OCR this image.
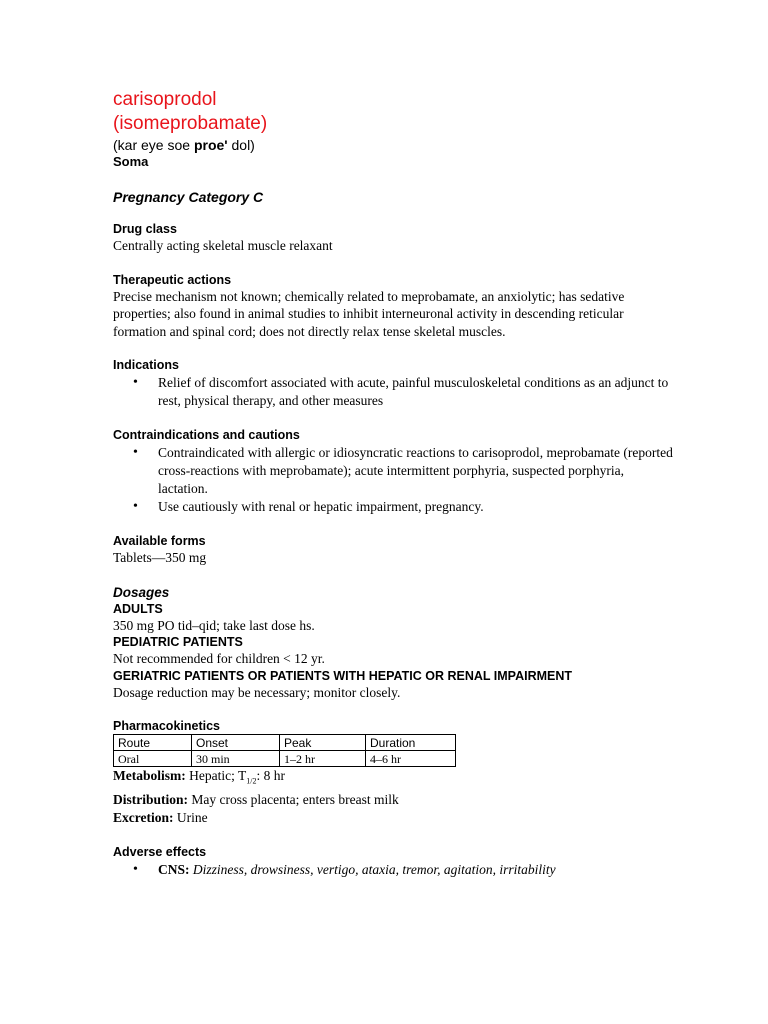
carisoprodol
(isomeprobamate)
(kar eye soe proe' dol)
Soma
Pregnancy Category C
Drug class
Centrally acting skeletal muscle relaxant
Therapeutic actions
Precise mechanism not known; chemically related to meprobamate, an anxiolytic; has sedative properties; also found in animal studies to inhibit interneuronal activity in descending reticular formation and spinal cord; does not directly relax tense skeletal muscles.
Indications
• Relief of discomfort associated with acute, painful musculoskeletal conditions as an adjunct to rest, physical therapy, and other measures
Contraindications and cautions
• Contraindicated with allergic or idiosyncratic reactions to carisoprodol, meprobamate (reported cross-reactions with meprobamate); acute intermittent porphyria, suspected porphyria, lactation.
• Use cautiously with renal or hepatic impairment, pregnancy.
Available forms
Tablets—350 mg
Dosages
ADULTS
350 mg PO tid–qid; take last dose hs.
PEDIATRIC PATIENTS
Not recommended for children < 12 yr.
GERIATRIC PATIENTS OR PATIENTS WITH HEPATIC OR RENAL IMPAIRMENT
Dosage reduction may be necessary; monitor closely.
Pharmacokinetics
Route	Onset	Peak	Duration
Oral	30 min	1–2 hr	4–6 hr
Metabolism: Hepatic; $T_{1/2}$: 8 hr
Distribution: May cross placenta; enters breast milk
Excretion: Urine
Adverse effects
• CNS: Dizziness, drowsiness, vertigo, ataxia, tremor, agitation, irritability
